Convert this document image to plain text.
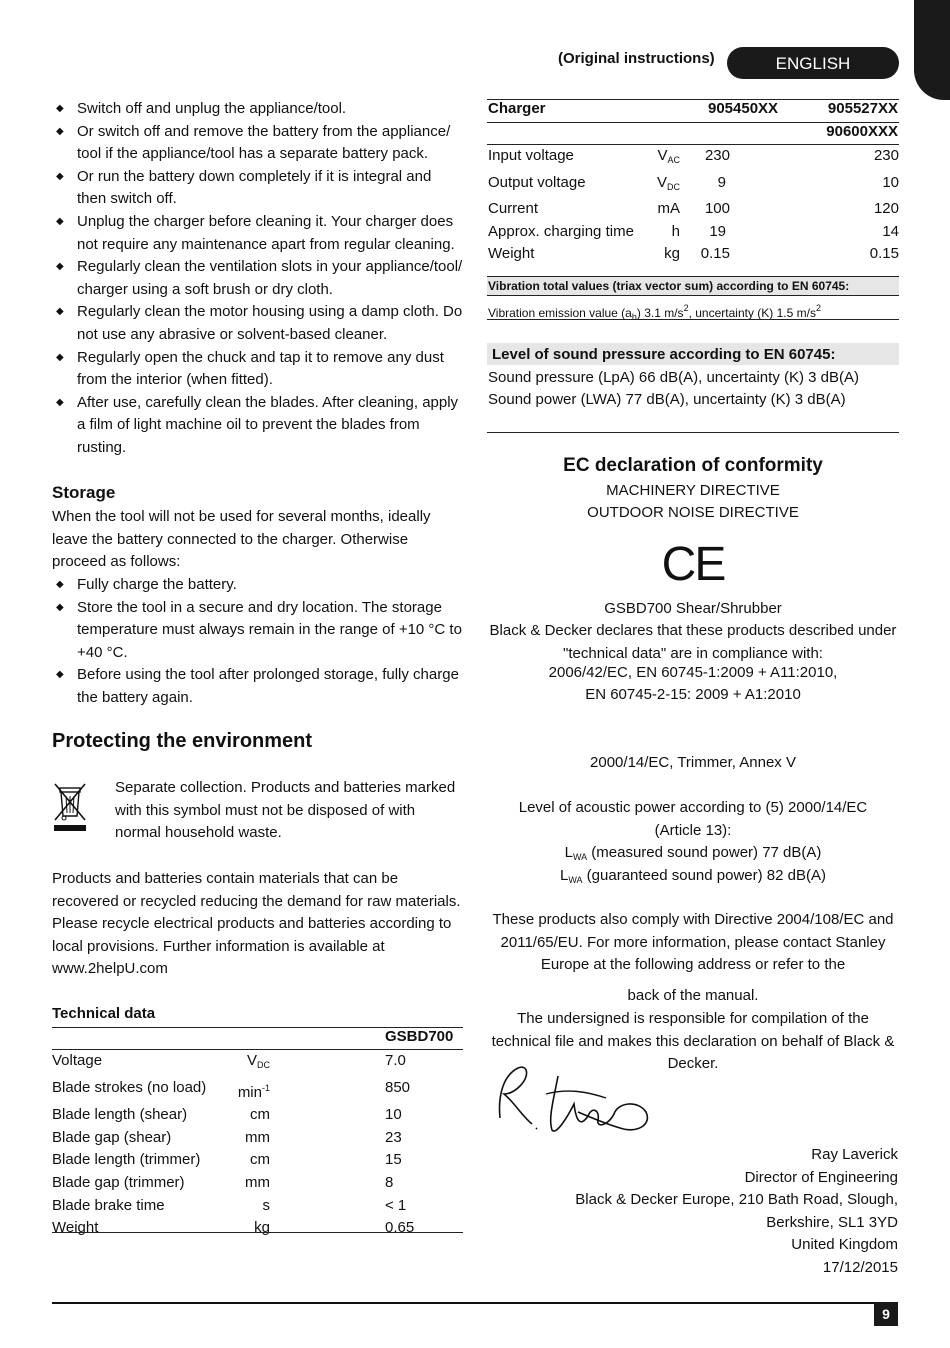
(Original instructions)	ENGLISH
◆ Switch off and unplug the appliance/tool.
◆ Or switch off and remove the battery from the appliance/ tool if the appliance/tool has a separate battery pack.
◆ Or run the battery down completely if it is integral and then switch off.
◆ Unplug the charger before cleaning it. Your charger does not require any maintenance apart from regular cleaning.
◆ Regularly clean the ventilation slots in your appliance/tool/ charger using a soft brush or dry cloth.
◆ Regularly clean the motor housing using a damp cloth. Do not use any abrasive or solvent-based cleaner.
◆ Regularly open the chuck and tap it to remove any dust from the interior (when fitted).
◆ After use, carefully clean the blades. After cleaning, apply a film of light machine oil to prevent the blades from rusting.
Storage
When the tool will not be used for several months, ideally leave the battery connected to the charger. Otherwise proceed as follows:
◆ Fully charge the battery.
◆ Store the tool in a secure and dry location. The storage temperature must always remain in the range of +10 °C to +40 °C.
◆ Before using the tool after prolonged storage, fully charge the battery again.
Protecting the environment
Separate collection. Products and batteries marked with this symbol must not be disposed of with normal household waste.
Products and batteries contain materials that can be recovered or recycled reducing the demand for raw materials. Please recycle electrical products and batteries according to local provisions. Further information is available at www.2helpU.com
Technical data
GSBD700
Voltage	$V_{DC}$		7.0
Blade strokes (no load)	$\min^{-1}$		850
Blade length (shear)	cm		10
Blade gap (shear)	mm		23
Blade length (trimmer)	cm		15
Blade gap (trimmer)	mm		8
Blade brake time	s		< 1
Weight	kg		0.65
Charger	905450XX	905527XX
90600XXX
Input voltage	$V_{AC}$	230	230
Output voltage	$V_{DC}$	9	10
Current	mA	100	120
Approx. charging time	h	19	14
Weight	kg	0.15	0.15
Vibration total values (triax vector sum) according to EN 60745:
Vibration emission value $(a_h)$ 3.1 $m/s^2$, uncertainty (K) 1.5 $m/s^2$
Level of sound pressure according to EN 60745:
Sound pressure (LpA) 66 dB(A), uncertainty (K) 3 dB(A)
Sound power (LWA) 77 dB(A), uncertainty (K) 3 dB(A)
EC declaration of conformity
MACHINERY DIRECTIVE
OUTDOOR NOISE DIRECTIVE
CE
GSBD700 Shear/Shrubber
Black & Decker declares that these products described under "technical data" are in compliance with:
2006/42/EC, EN 60745-1:2009 + A11:2010,
EN 60745-2-15: 2009 + A1:2010
2000/14/EC, Trimmer, Annex V
Level of acoustic power according to (5) 2000/14/EC
(Article 13):
$L_{WA}$ (measured sound power) 77 dB(A)
$L_{WA}$ (guaranteed sound power) 82 dB(A)
These products also comply with Directive 2004/108/EC and 2011/65/EU. For more information, please contact Stanley Europe at the following address or refer to the
back of the manual.
The undersigned is responsible for compilation of the technical file and makes this declaration on behalf of Black & Decker.
Ray Laverick
Director of Engineering
Black & Decker Europe, 210 Bath Road, Slough,
Berkshire, SL1 3YD
United Kingdom
17/12/2015
9
